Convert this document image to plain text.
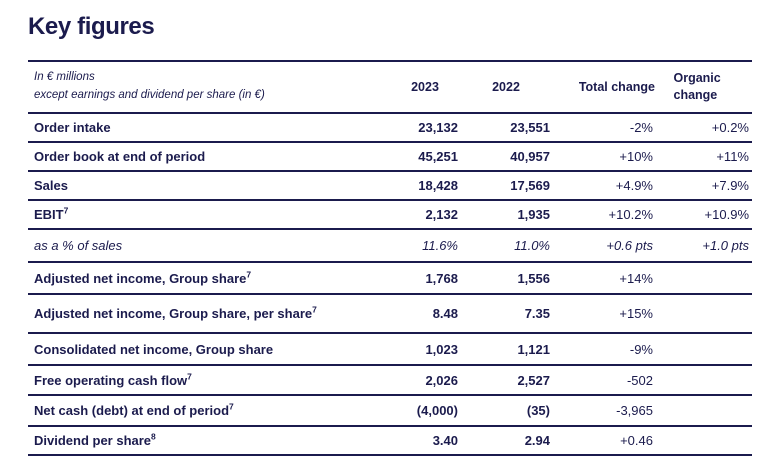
Key figures
In € millions
except earnings and dividend per share (in €)	2023	2022	Total change	Organic change

Order intake	23,132	23,551	-2%	+0.2%
Order book at end of period	45,251	40,957	+10%	+11%
Sales	18,428	17,569	+4.9%	+7.9%
EBIT$^7$	2,132	1,935	+10.2%	+10.9%
as a % of sales	11.6%	11.0%	+0.6 pts	+1.0 pts
Adjusted net income, Group share$^7$	1,768	1,556	+14%	
Adjusted net income, Group share, per share$^7$	8.48	7.35	+15%	
Consolidated net income, Group share	1,023	1,121	-9%	
Free operating cash flow$^7$	2,026	2,527	-502	
Net cash (debt) at end of period$^7$	(4,000)	(35)	-3,965	
Dividend per share$^8$	3.40	2.94	+0.46	
